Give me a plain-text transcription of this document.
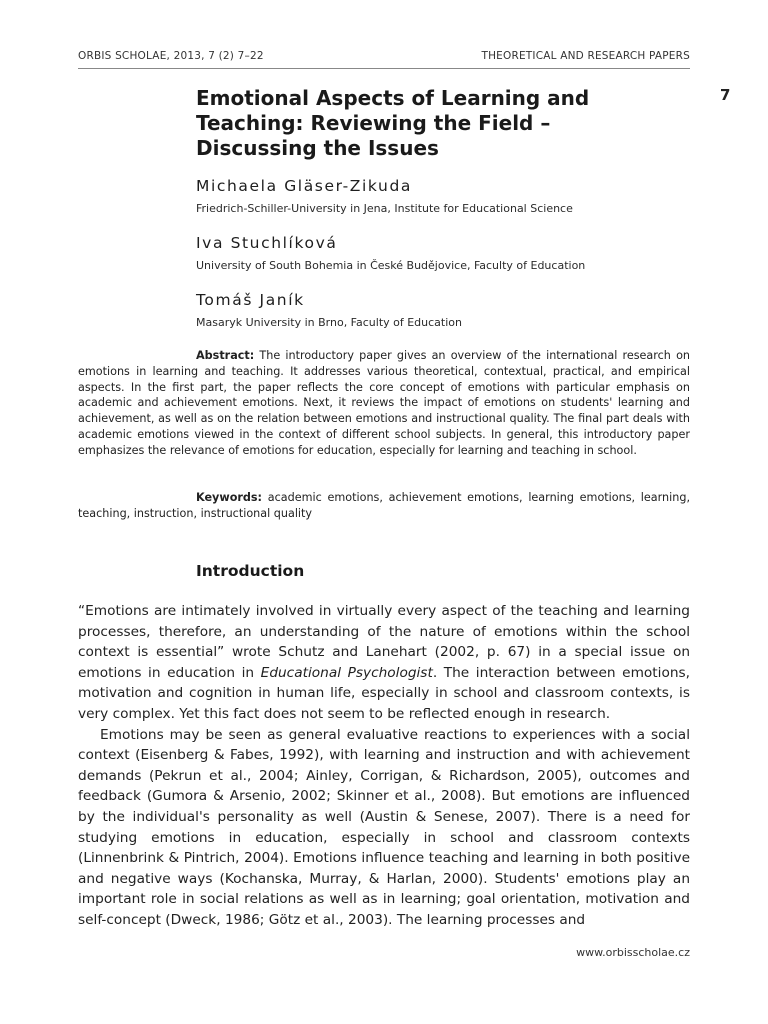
ORBIS SCHOLAE, 2013, 7 (2) 7–22	THEORETICAL AND RESEARCH PAPERS
7
Emotional Aspects of Learning and Teaching: Reviewing the Field – Discussing the Issues

Michaela Gläser-Zikuda

Friedrich-Schiller-University in Jena, Institute for Educational Science

Iva Stuchlíková

University of South Bohemia in České Budějovice, Faculty of Education

Tomáš Janík

Masaryk University in Brno, Faculty of Education

Abstract: The introductory paper gives an overview of the international research on emotions in learning and teaching. It addresses various theoretical, contextual, practical, and empirical aspects. In the first part, the paper reflects the core concept of emotions with particular emphasis on academic and achievement emotions. Next, it reviews the impact of emotions on students' learning and achievement, as well as on the relation between emotions and instructional quality. The final part deals with academic emotions viewed in the context of different school subjects. In general, this introductory paper emphasizes the relevance of emotions for education, especially for learning and teaching in school.

Keywords: academic emotions, achievement emotions, learning emotions, learning, teaching, instruction, instructional quality

Introduction

“Emotions are intimately involved in virtually every aspect of the teaching and learning processes, therefore, an understanding of the nature of emotions within the school context is essential” wrote Schutz and Lanehart (2002, p. 67) in a special issue on emotions in education in Educational Psychologist. The interaction between emotions, motivation and cognition in human life, especially in school and classroom contexts, is very complex. Yet this fact does not seem to be reflected enough in research.

Emotions may be seen as general evaluative reactions to experiences with a social context (Eisenberg & Fabes, 1992), with learning and instruction and with achievement demands (Pekrun et al., 2004; Ainley, Corrigan, & Richardson, 2005), outcomes and feedback (Gumora & Arsenio, 2002; Skinner et al., 2008). But emotions are influenced by the individual's personality as well (Austin & Senese, 2007). There is a need for studying emotions in education, especially in school and classroom contexts (Linnenbrink & Pintrich, 2004). Emotions influence teaching and learning in both positive and negative ways (Kochanska, Murray, & Harlan, 2000). Students' emotions play an important role in social relations as well as in learning; goal orientation, motivation and self-concept (Dweck, 1986; Götz et al., 2003). The learning processes and

www.orbisscholae.cz
